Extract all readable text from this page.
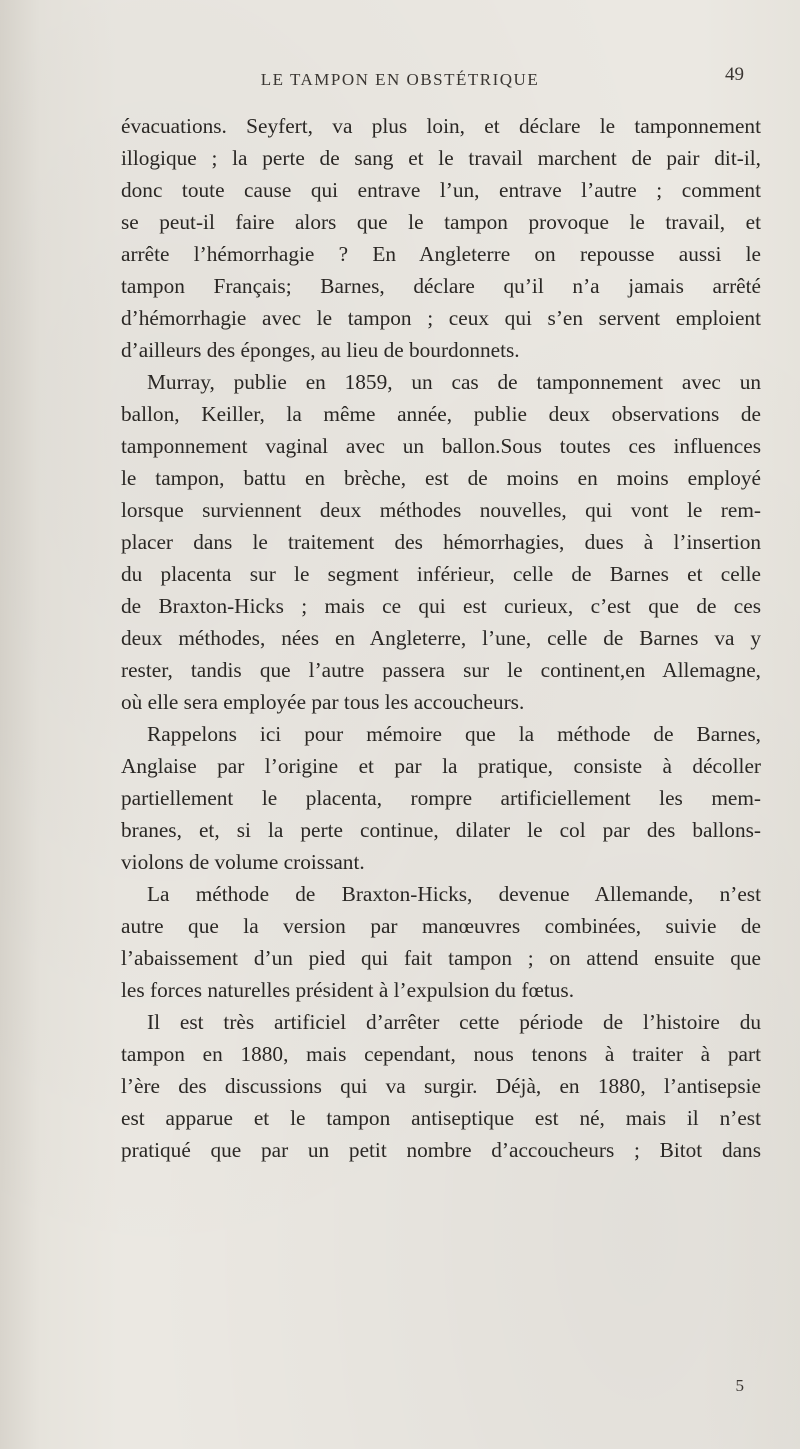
LE TAMPON EN OBSTÉTRIQUE	49
évacuations. Seyfert, va plus loin, et déclare le tamponnement
illogique ; la perte de sang et le travail marchent de pair dit-il,
donc toute cause qui entrave l’un, entrave l’autre ; comment
se peut-il faire alors que le tampon provoque le travail, et
arrête l’hémorrhagie ? En Angleterre on repousse aussi le
tampon Français; Barnes, déclare qu’il n’a jamais arrêté
d’hémorrhagie avec le tampon ; ceux qui s’en servent emploient
d’ailleurs des éponges, au lieu de bourdonnets.
Murray, publie en 1859, un cas de tamponnement avec un
ballon, Keiller, la même année, publie deux observations de
tamponnement vaginal avec un ballon.Sous toutes ces influences
le tampon, battu en brèche, est de moins en moins employé
lorsque surviennent deux méthodes nouvelles, qui vont le rem-
placer dans le traitement des hémorrhagies, dues à l’insertion
du placenta sur le segment inférieur, celle de Barnes et celle
de Braxton-Hicks ; mais ce qui est curieux, c’est que de ces
deux méthodes, nées en Angleterre, l’une, celle de Barnes va y
rester, tandis que l’autre passera sur le continent,en Allemagne,
où elle sera employée par tous les accoucheurs.
Rappelons ici pour mémoire que la méthode de Barnes,
Anglaise par l’origine et par la pratique, consiste à décoller
partiellement le placenta, rompre artificiellement les mem-
branes, et, si la perte continue, dilater le col par des ballons-
violons de volume croissant.
La méthode de Braxton-Hicks, devenue Allemande, n’est
autre que la version par manœuvres combinées, suivie de
l’abaissement d’un pied qui fait tampon ; on attend ensuite que
les forces naturelles président à l’expulsion du fœtus.
Il est très artificiel d’arrêter cette période de l’histoire du
tampon en 1880, mais cependant, nous tenons à traiter à part
l’ère des discussions qui va surgir. Déjà, en 1880, l’antisepsie
est apparue et le tampon antiseptique est né, mais il n’est
pratiqué que par un petit nombre d’accoucheurs ; Bitot dans
5
